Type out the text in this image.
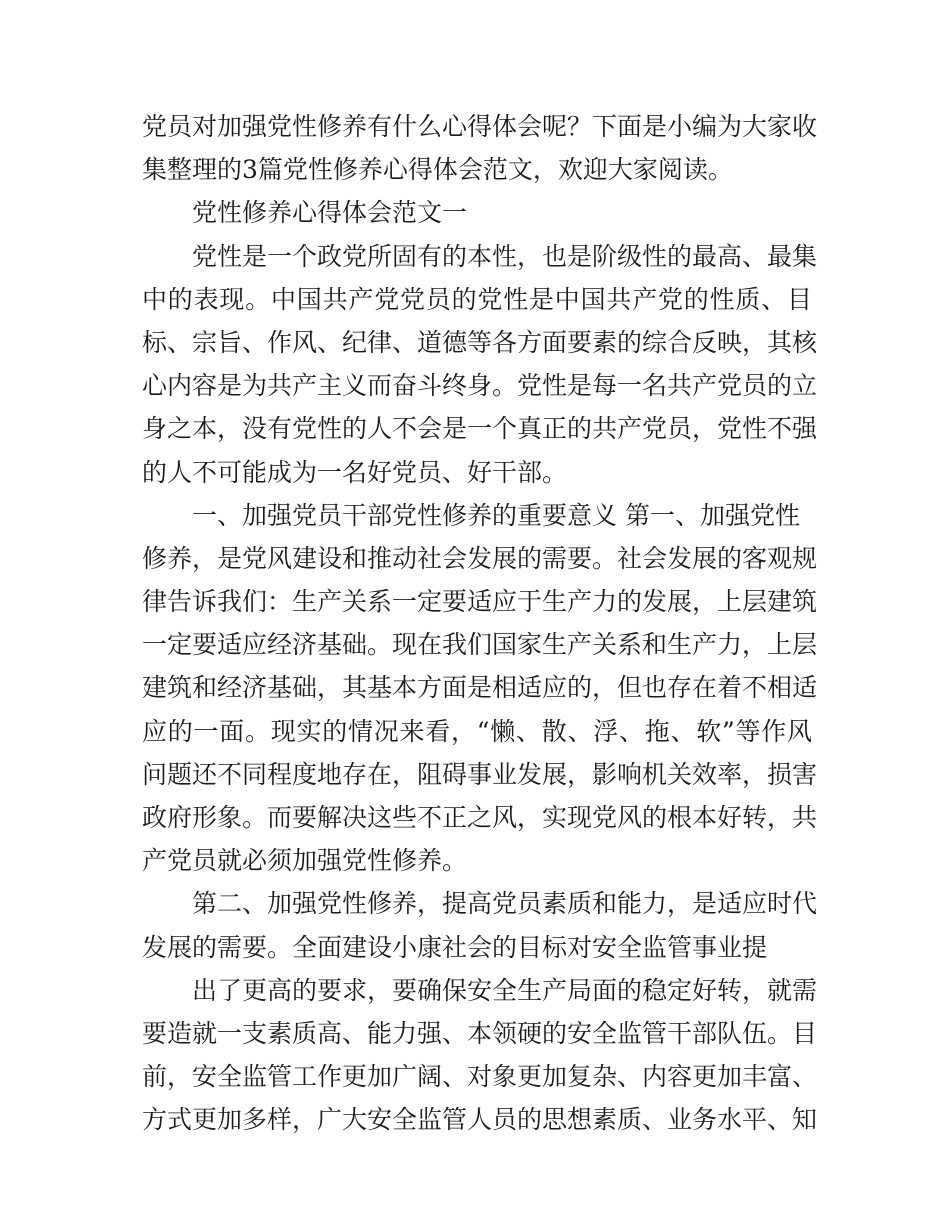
党员对加强党性修养有什么心得体会呢？下面是小编为大家收
集整理的3篇党性修养心得体会范文，欢迎大家阅读。
党性修养心得体会范文一
党性是一个政党所固有的本性，也是阶级性的最高、最集
中的表现。中国共产党党员的党性是中国共产党的性质、目
标、宗旨、作风、纪律、道德等各方面要素的综合反映，其核
心内容是为共产主义而奋斗终身。党性是每一名共产党员的立
身之本，没有党性的人不会是一个真正的共产党员，党性不强
的人不可能成为一名好党员、好干部。
一、加强党员干部党性修养的重要意义 第一、加强党性
修养，是党风建设和推动社会发展的需要。社会发展的客观规
律告诉我们：生产关系一定要适应于生产力的发展，上层建筑
一定要适应经济基础。现在我们国家生产关系和生产力，上层
建筑和经济基础，其基本方面是相适应的，但也存在着不相适
应的一面。现实的情况来看，“懒、散、浮、拖、软”等作风
问题还不同程度地存在，阻碍事业发展，影响机关效率，损害
政府形象。而要解决这些不正之风，实现党风的根本好转，共
产党员就必须加强党性修养。
第二、加强党性修养，提高党员素质和能力，是适应时代
发展的需要。全面建设小康社会的目标对安全监管事业提
出了更高的要求，要确保安全生产局面的稳定好转，就需
要造就一支素质高、能力强、本领硬的安全监管干部队伍。目
前，安全监管工作更加广阔、对象更加复杂、内容更加丰富、
方式更加多样，广大安全监管人员的思想素质、业务水平、知
